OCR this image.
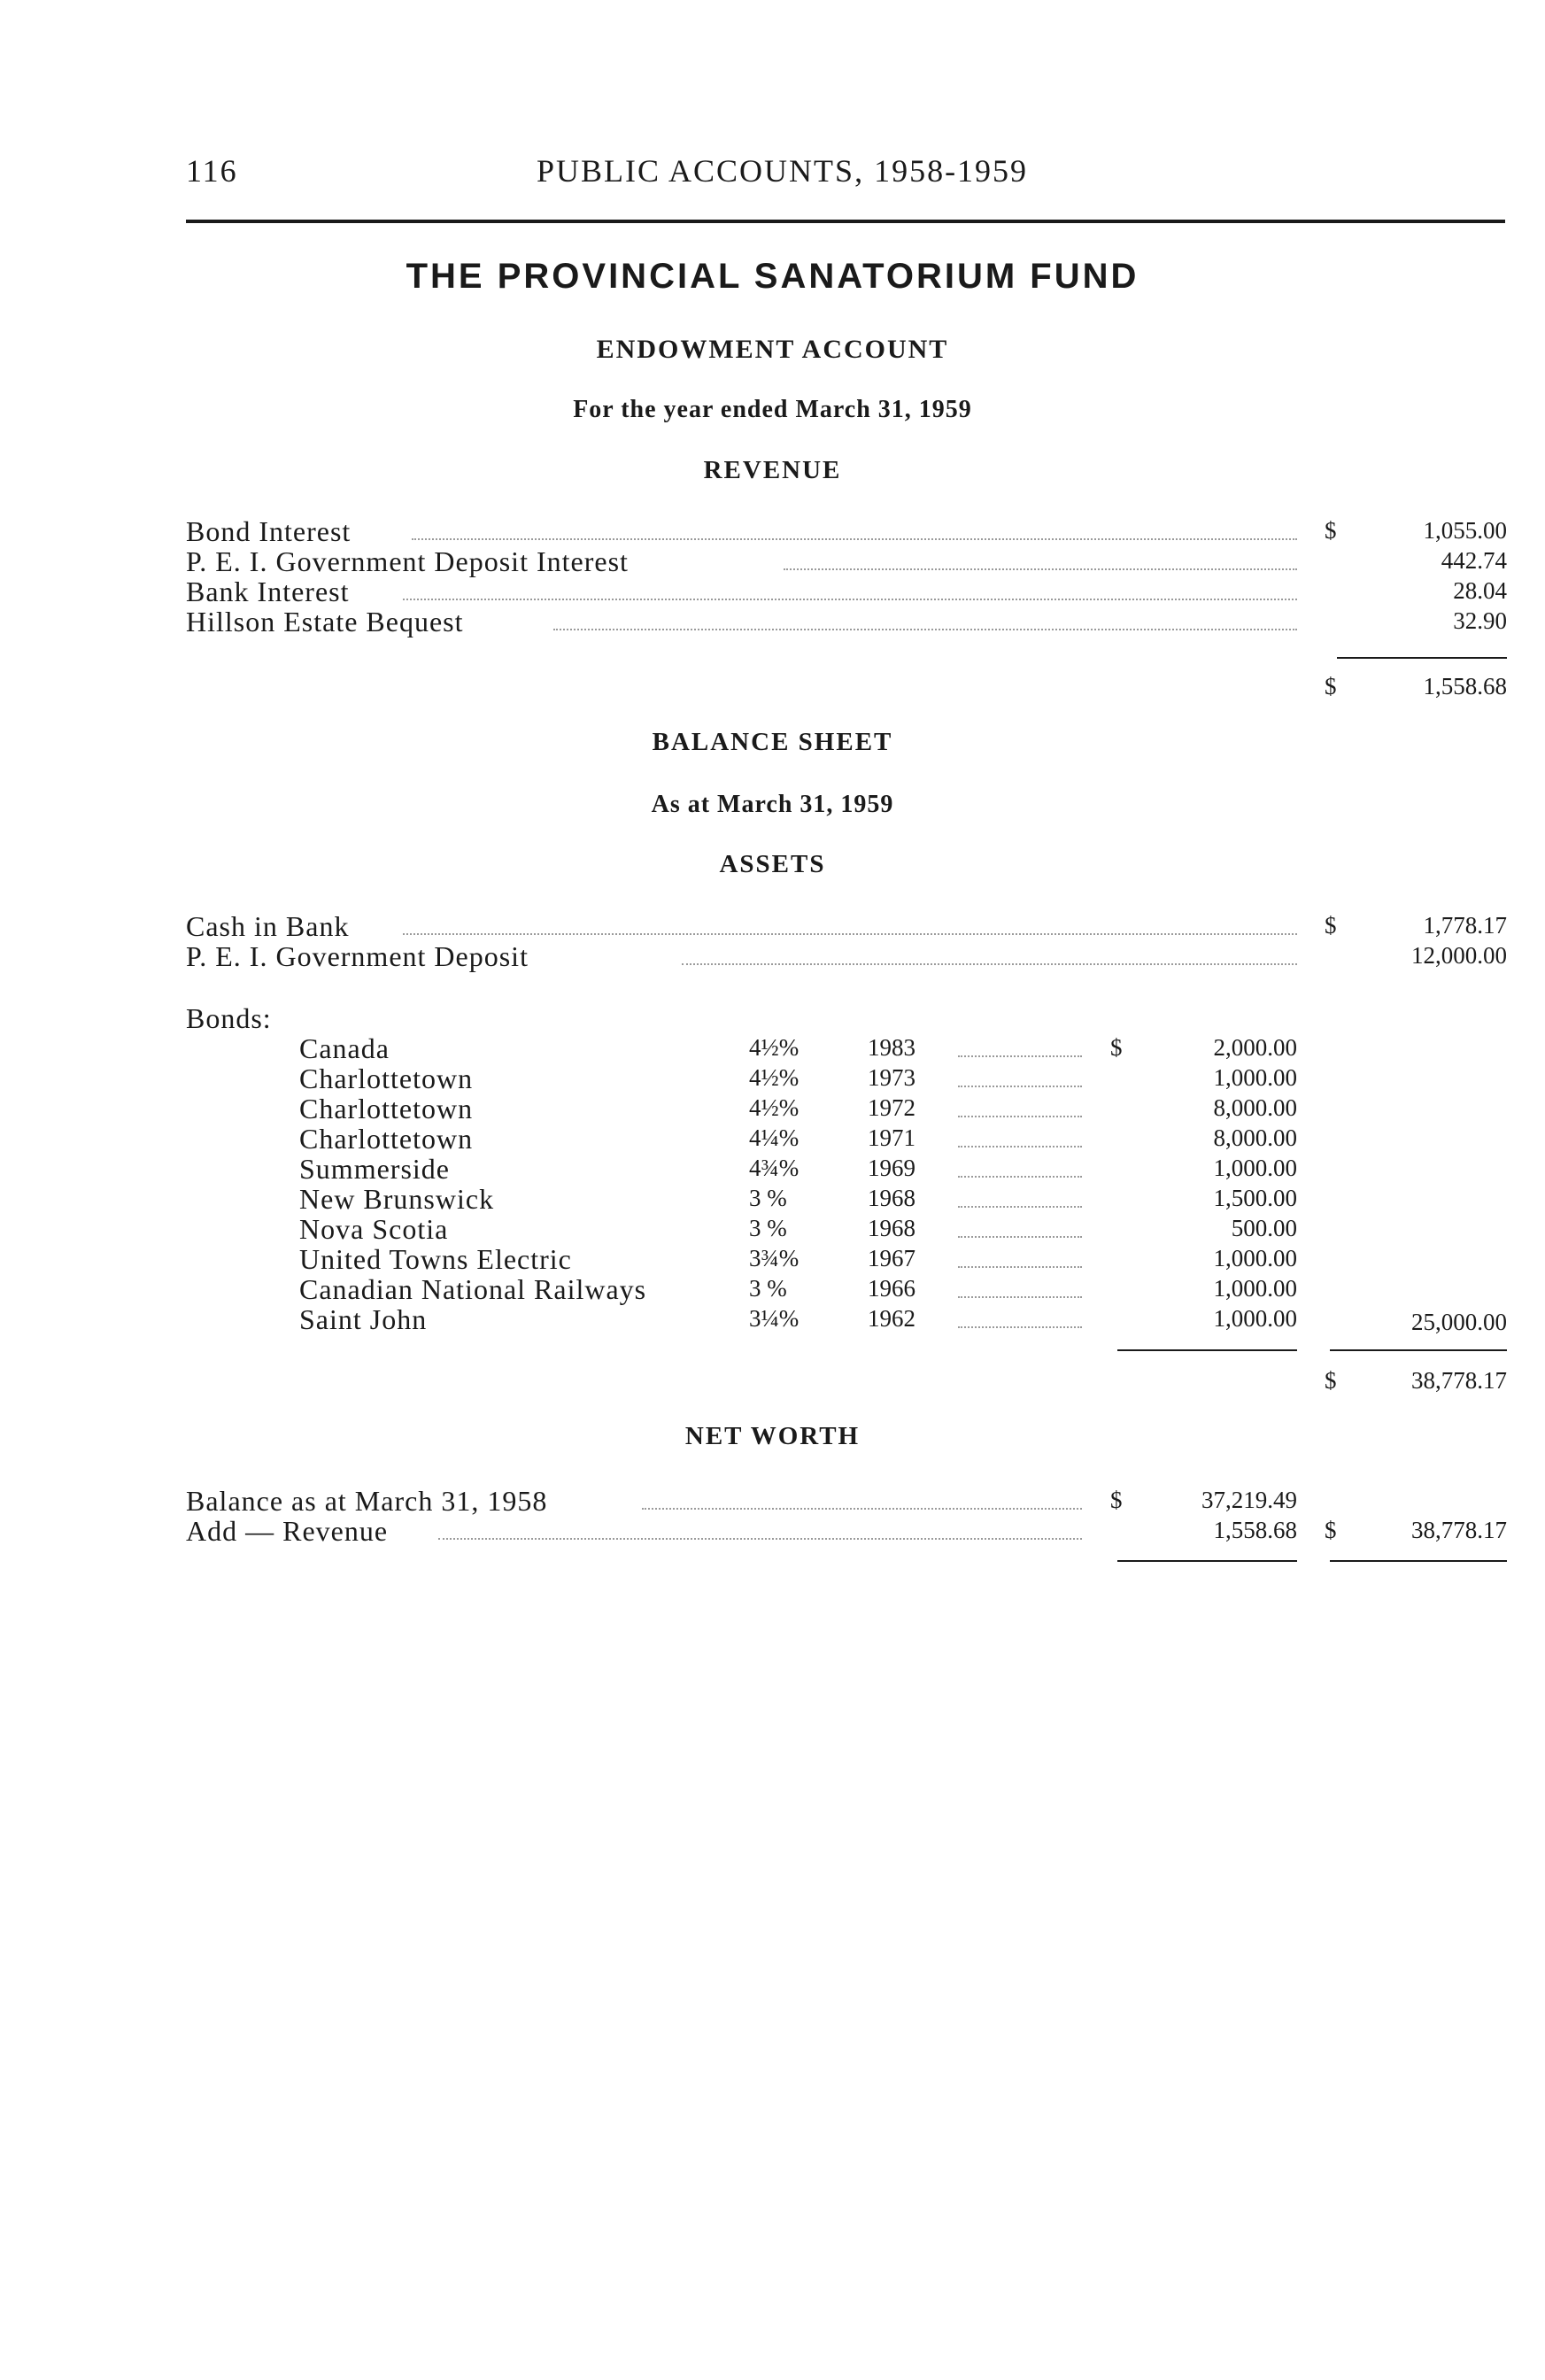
116	PUBLIC ACCOUNTS, 1958-1959
THE PROVINCIAL SANATORIUM FUND
ENDOWMENT ACCOUNT
For the year ended March 31, 1959
REVENUE
Bond Interest	$	1,055.00
P. E. I. Government Deposit Interest	442.74
Bank Interest	28.04
Hillson Estate Bequest	32.90
$	1,558.68
BALANCE SHEET
As at March 31, 1959
ASSETS
Cash in Bank	$	1,778.17
P. E. I. Government Deposit	12,000.00
Bonds:
Canada	4½%	1983	$	2,000.00
Charlottetown	4½%	1973	1,000.00
Charlottetown	4½%	1972	8,000.00
Charlottetown	4¼%	1971	8,000.00
Summerside	4¾%	1969	1,000.00
New Brunswick	3 %	1968	1,500.00
Nova Scotia	3 %	1968	500.00
United Towns Electric	3¾%	1967	1,000.00
Canadian National Railways	3 %	1966	1,000.00
Saint John	3¼%	1962	1,000.00	25,000.00
$	38,778.17
NET WORTH
Balance as at March 31, 1958	$	37,219.49
Add — Revenue	1,558.68 $	38,778.17
